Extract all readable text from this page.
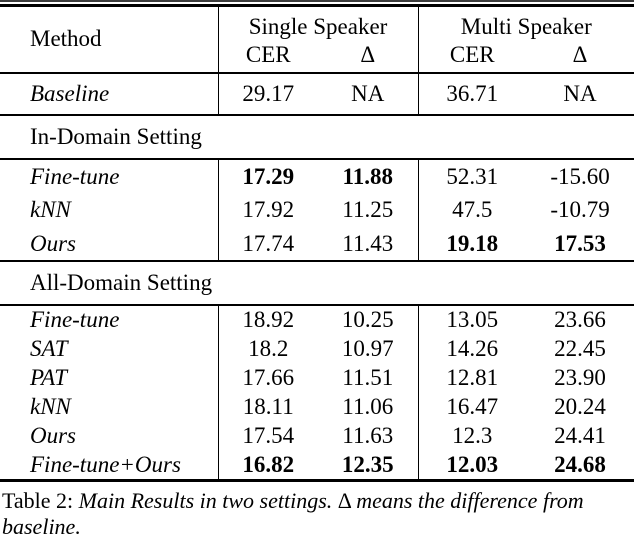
Method	Single Speaker		Multi Speaker	
	CER	Δ	CER	Δ
Baseline	29.17	NA	36.71	NA
In-Domain Setting				
Fine-tune	17.29	11.88	52.31	-15.60
kNN	17.92	11.25	47.5	-10.79
Ours	17.74	11.43	19.18	17.53
All-Domain Setting				
Fine-tune	18.92	10.25	13.05	23.66
SAT	18.2	10.97	14.26	22.45
PAT	17.66	11.51	12.81	23.90
kNN	18.11	11.06	16.47	20.24
Ours	17.54	11.63	12.3	24.41
Fine-tune+Ours	16.82	12.35	12.03	24.68

Table 2: Main Results in two settings. Δ means the difference from baseline.
